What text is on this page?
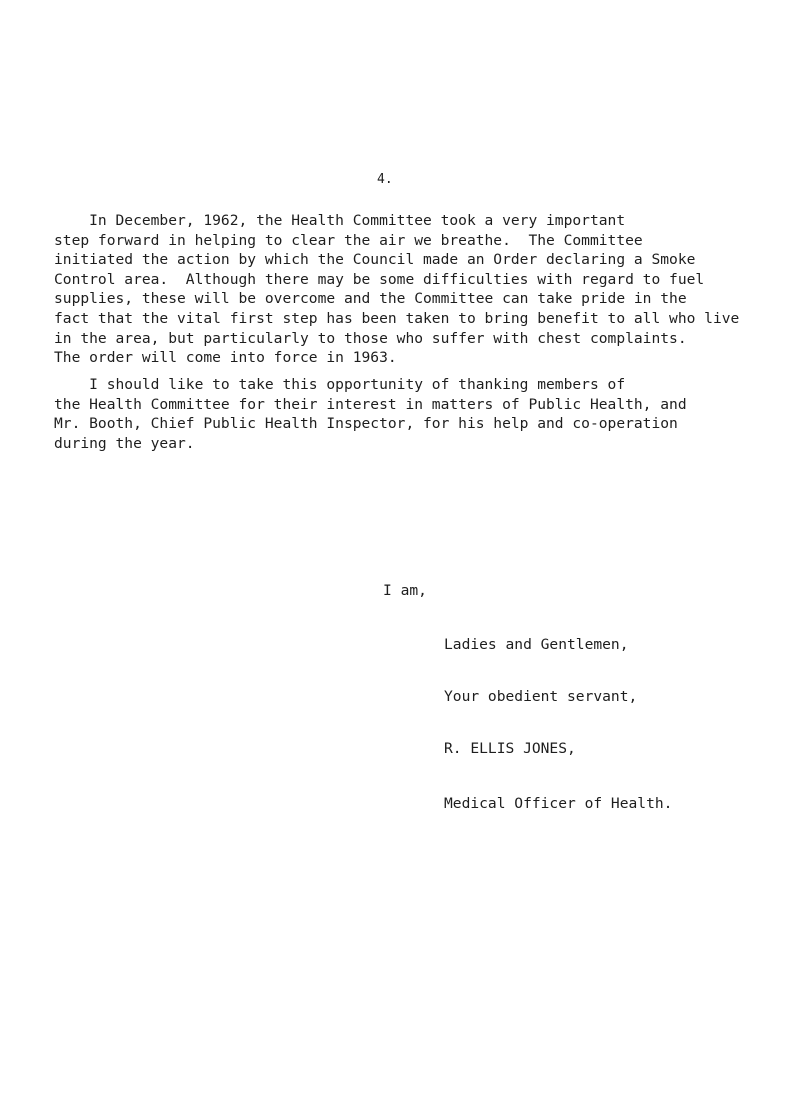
4.
In December, 1962, the Health Committee took a very important
step forward in helping to clear the air we breathe.  The Committee
initiated the action by which the Council made an Order declaring a Smoke
Control area.  Although there may be some difficulties with regard to fuel
supplies, these will be overcome and the Committee can take pride in the
fact that the vital first step has been taken to bring benefit to all who live
in the area, but particularly to those who suffer with chest complaints.
The order will come into force in 1963.
I should like to take this opportunity of thanking members of
the Health Committee for their interest in matters of Public Health, and
Mr. Booth, Chief Public Health Inspector, for his help and co-operation
during the year.

I am,

Ladies and Gentlemen,

Your obedient servant,

R. ELLIS JONES,

Medical Officer of Health.
